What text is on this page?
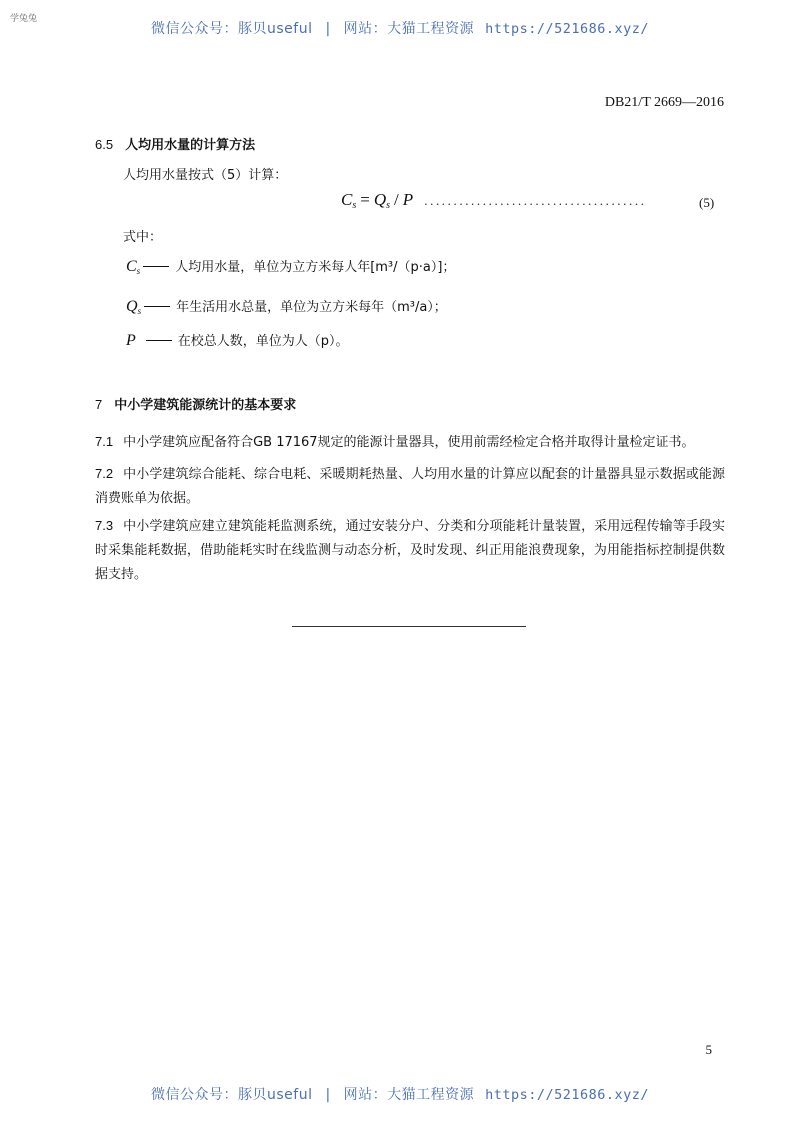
学兔兔
微信公众号：豚贝useful | 网站：大猫工程资源 https://521686.xyz/
DB21/T 2669—2016
6.5 人均用水量的计算方法
人均用水量按式（5）计算：
$C_s = Q_s / P$ ......................................	(5)
式中：
$C_s$	人均用水量，单位为立方米每人年[m³/（p·a）]；
$Q_s$	年生活用水总量，单位为立方米每年（m³/a）；
P	在校总人数，单位为人（p）。
7 中小学建筑能源统计的基本要求
7.1 中小学建筑应配备符合GB 17167规定的能源计量器具，使用前需经检定合格并取得计量检定证书。
7.2 中小学建筑综合能耗、综合电耗、采暖期耗热量、人均用水量的计算应以配套的计量器具显示数据或能源消费账单为依据。
7.3 中小学建筑应建立建筑能耗监测系统，通过安装分户、分类和分项能耗计量装置，采用远程传输等手段实时采集能耗数据，借助能耗实时在线监测与动态分析，及时发现、纠正用能浪费现象，为用能指标控制提供数据支持。
5
微信公众号：豚贝useful | 网站：大猫工程资源 https://521686.xyz/
